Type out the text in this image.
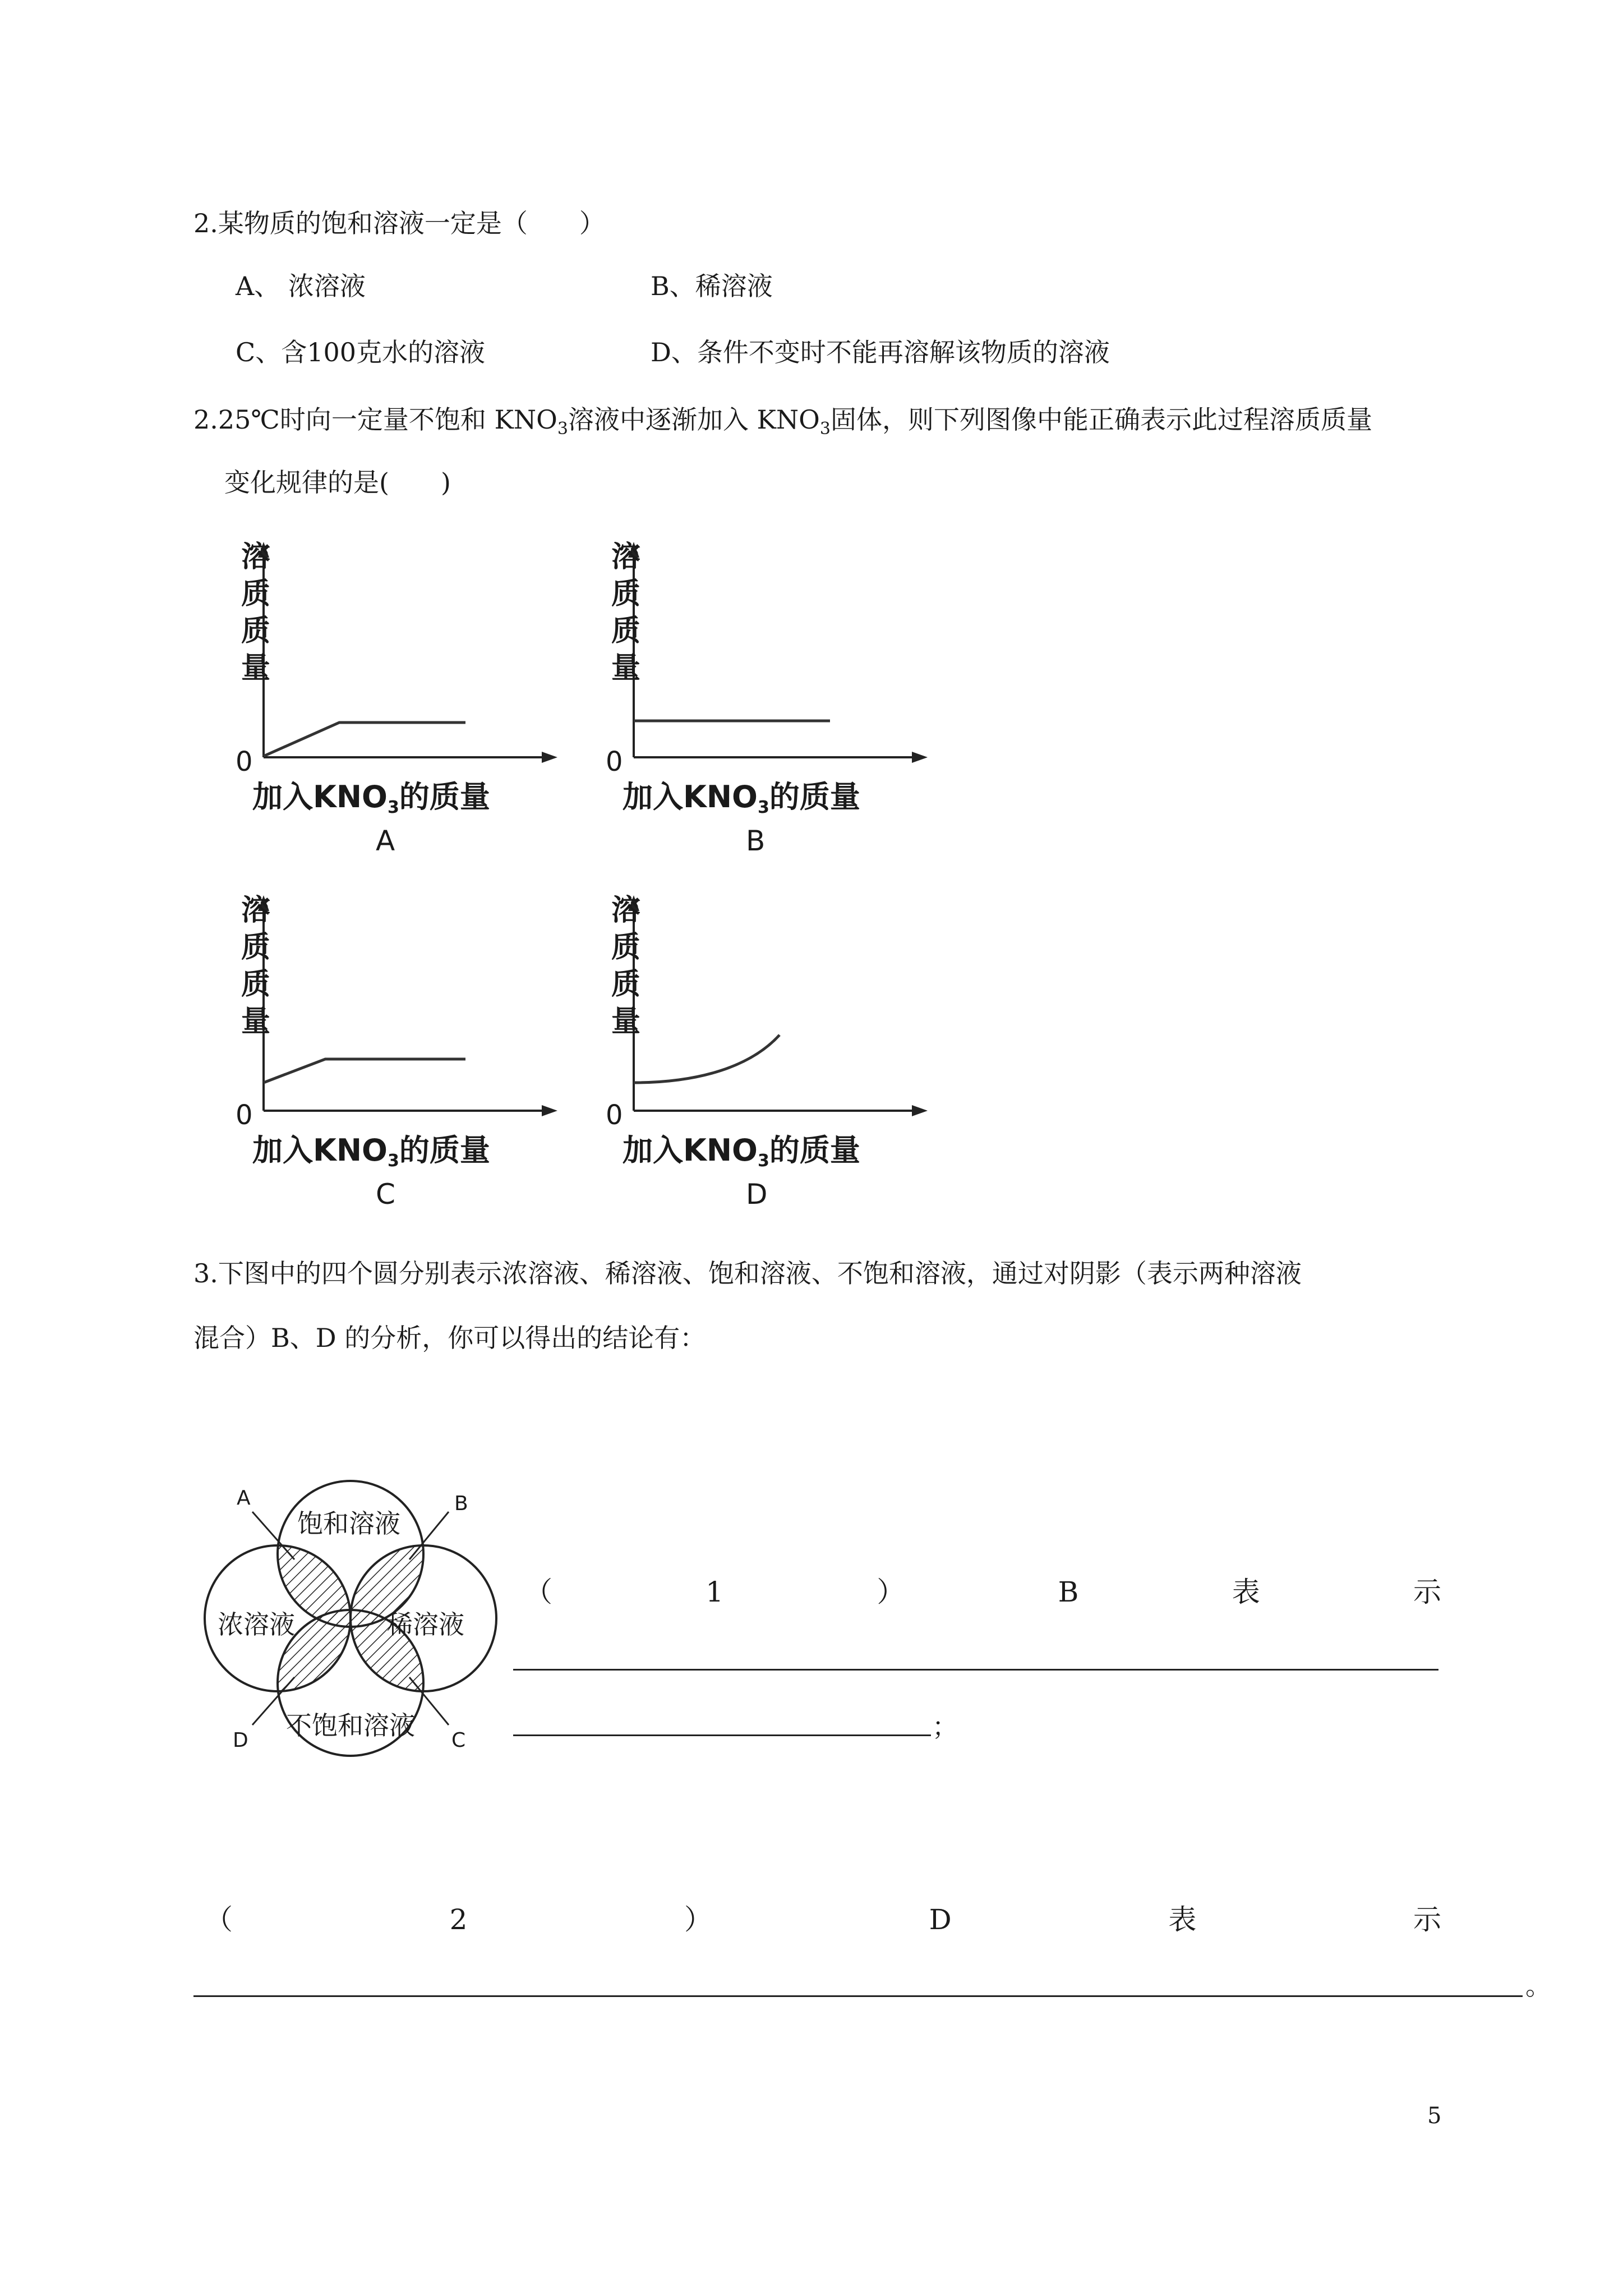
2.某物质的饱和溶液一定是（　　）
A、 浓溶液	B、稀溶液
C、含100克水的溶液	D、条件不变时不能再溶解该物质的溶液
2.25℃时向一定量不饱和 $KNO_3$溶液中逐渐加入 $KNO_3$固体，则下列图像中能正确表示此过程溶质质量
变化规律的是(　　)
溶
质
质
量
0
加入$KNO_3$的质量
A
溶
质
质
量
0
加入$KNO_3$的质量
B
溶
质
质
量
0
加入$KNO_3$的质量
C
溶
质
质
量
0
加入$KNO_3$的质量
D
3.下图中的四个圆分别表示浓溶液、稀溶液、饱和溶液、不饱和溶液，通过对阴影（表示两种溶液
混合）B、D 的分析，你可以得出的结论有：
A	B
C
D
饱和溶液
浓溶液	稀溶液
不饱和溶液
（	1	）	B	表	示
；
（	2	）	D	表	示
。
5
